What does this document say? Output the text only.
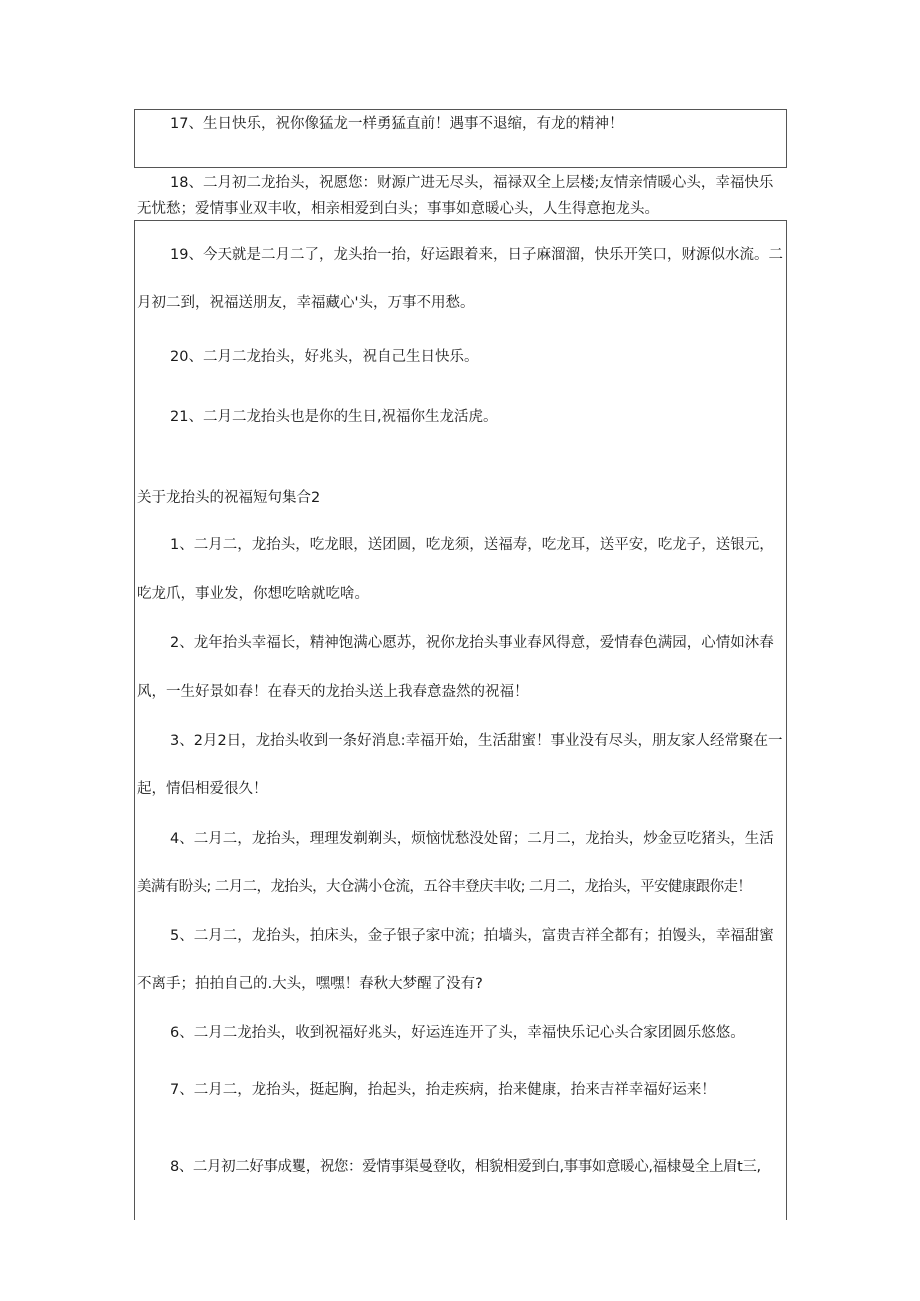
17、生日快乐，祝你像猛龙一样勇猛直前！遇事不退缩，有龙的精神！
18、二月初二龙抬头，祝愿您：财源广进无尽头，福禄双全上层楼;友情亲情暖心头，幸福快乐
无忧愁；爱情事业双丰收，相亲相爱到白头；事事如意暖心头，人生得意抱龙头。
19、今天就是二月二了，龙头抬一抬，好运跟着来，日子麻溜溜，快乐开笑口，财源似水流。二
月初二到，祝福送朋友，幸福藏心'头，万事不用愁。
20、二月二龙抬头，好兆头，祝自己生日快乐。
21、二月二龙抬头也是你的生日,祝福你生龙活虎。
关于龙抬头的祝福短句集合2
1、二月二，龙抬头，吃龙眼，送团圆，吃龙须，送福寿，吃龙耳，送平安，吃龙子，送银元，
吃龙爪，事业发，你想吃啥就吃啥。
2、龙年抬头幸福长，精神饱满心愿苏，祝你龙抬头事业春风得意，爱情春色满园，心情如沐春
风，一生好景如春！在春天的龙抬头送上我春意盎然的祝福！
3、2月2日，龙抬头收到一条好消息:幸福开始，生活甜蜜！事业没有尽头，朋友家人经常聚在一
起，情侣相爱很久！
4、二月二，龙抬头，理理发剃剃头，烦恼忧愁没处留；二月二，龙抬头，炒金豆吃猪头，生活
美满有盼头; 二月二，龙抬头，大仓满小仓流，五谷丰登庆丰收; 二月二，龙抬头，平安健康跟你走！
5、二月二，龙抬头，拍床头，金子银子家中流；拍墙头，富贵吉祥全都有；拍馒头，幸福甜蜜
不离手；拍拍自己的.大头，嘿嘿！春秋大梦醒了没有?
6、二月二龙抬头，收到祝福好兆头，好运连连开了头，幸福快乐记心头合家团圆乐悠悠。
7、二月二，龙抬头，挺起胸，抬起头，抬走疾病，抬来健康，抬来吉祥幸福好运来！
8、二月初二好事成矍，祝您：爱情事渠曼登收，相貌相爱到白,事事如意暖心,福棣曼全上眉t三,
